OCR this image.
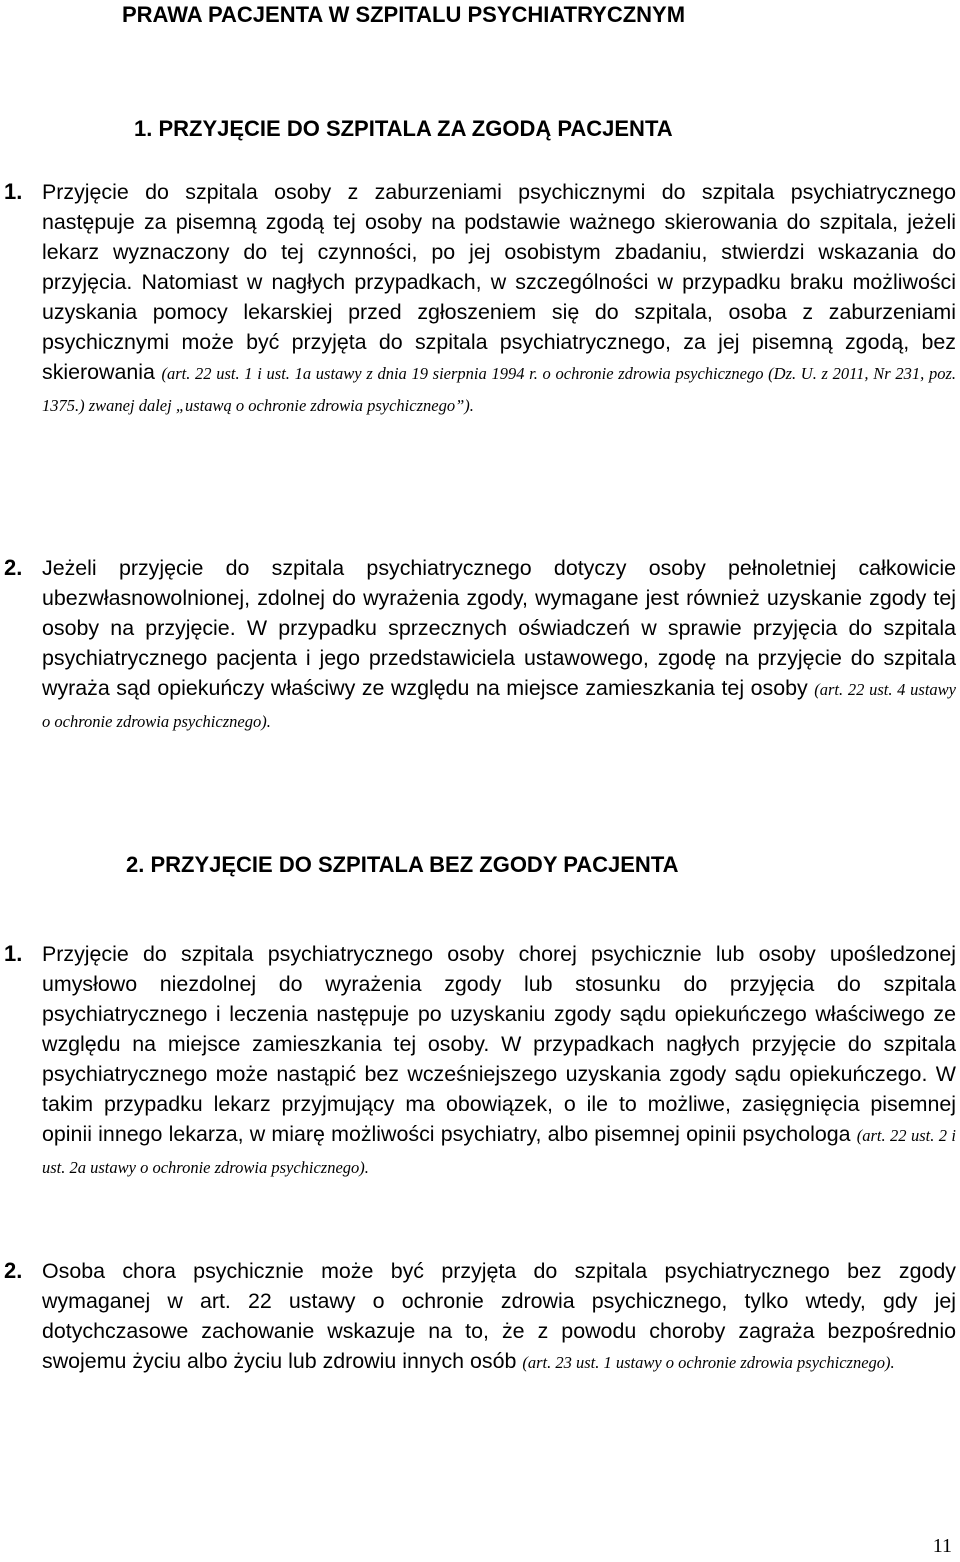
PRAWA PACJENTA W SZPITALU PSYCHIATRYCZNYM
1. PRZYJĘCIE DO SZPITALA ZA ZGODĄ PACJENTA
1. Przyjęcie do szpitala osoby z zaburzeniami psychicznymi do szpitala psychiatrycznego następuje za pisemną zgodą tej osoby na podstawie ważnego skierowania do szpitala, jeżeli lekarz wyznaczony do tej czynności, po jej osobistym zbadaniu, stwierdzi wskazania do przyjęcia. Natomiast w nagłych przypadkach, w szczególności w przypadku braku możliwości uzyskania pomocy lekarskiej przed zgłoszeniem się do szpitala, osoba z zaburzeniami psychicznymi może być przyjęta do szpitala psychiatrycznego, za jej pisemną zgodą, bez skierowania (art. 22 ust. 1 i ust. 1a ustawy z dnia 19 sierpnia 1994 r. o ochronie zdrowia psychicznego (Dz. U. z 2011, Nr 231, poz. 1375.) zwanej dalej „ustawą o ochronie zdrowia psychicznego”).

2. Jeżeli przyjęcie do szpitala psychiatrycznego dotyczy osoby pełnoletniej całkowicie ubezwłasnowolnionej, zdolnej do wyrażenia zgody, wymagane jest również uzyskanie zgody tej osoby na przyjęcie. W przypadku sprzecznych oświadczeń w sprawie przyjęcia do szpitala psychiatrycznego pacjenta i jego przedstawiciela ustawowego, zgodę na przyjęcie do szpitala wyraża sąd opiekuńczy właściwy ze względu na miejsce zamieszkania tej osoby (art. 22 ust. 4 ustawy o ochronie zdrowia psychicznego).

2. PRZYJĘCIE DO SZPITALA BEZ ZGODY PACJENTA
1. Przyjęcie do szpitala psychiatrycznego osoby chorej psychicznie lub osoby upośledzonej umysłowo niezdolnej do wyrażenia zgody lub stosunku do przyjęcia do szpitala psychiatrycznego i leczenia następuje po uzyskaniu zgody sądu opiekuńczego właściwego ze względu na miejsce zamieszkania tej osoby. W przypadkach nagłych przyjęcie do szpitala psychiatrycznego może nastąpić bez wcześniejszego uzyskania zgody sądu opiekuńczego. W takim przypadku lekarz przyjmujący ma obowiązek, o ile to możliwe, zasięgnięcia pisemnej opinii innego lekarza, w miarę możliwości psychiatry, albo pisemnej opinii psychologa (art. 22 ust. 2 i ust. 2a ustawy o ochronie zdrowia psychicznego).

2. Osoba chora psychicznie może być przyjęta do szpitala psychiatrycznego bez zgody wymaganej w art. 22 ustawy o ochronie zdrowia psychicznego, tylko wtedy, gdy jej dotychczasowe zachowanie wskazuje na to, że z powodu choroby zagraża bezpośrednio swojemu życiu albo życiu lub zdrowiu innych osób (art. 23 ust. 1 ustawy o ochronie zdrowia psychicznego).

11
